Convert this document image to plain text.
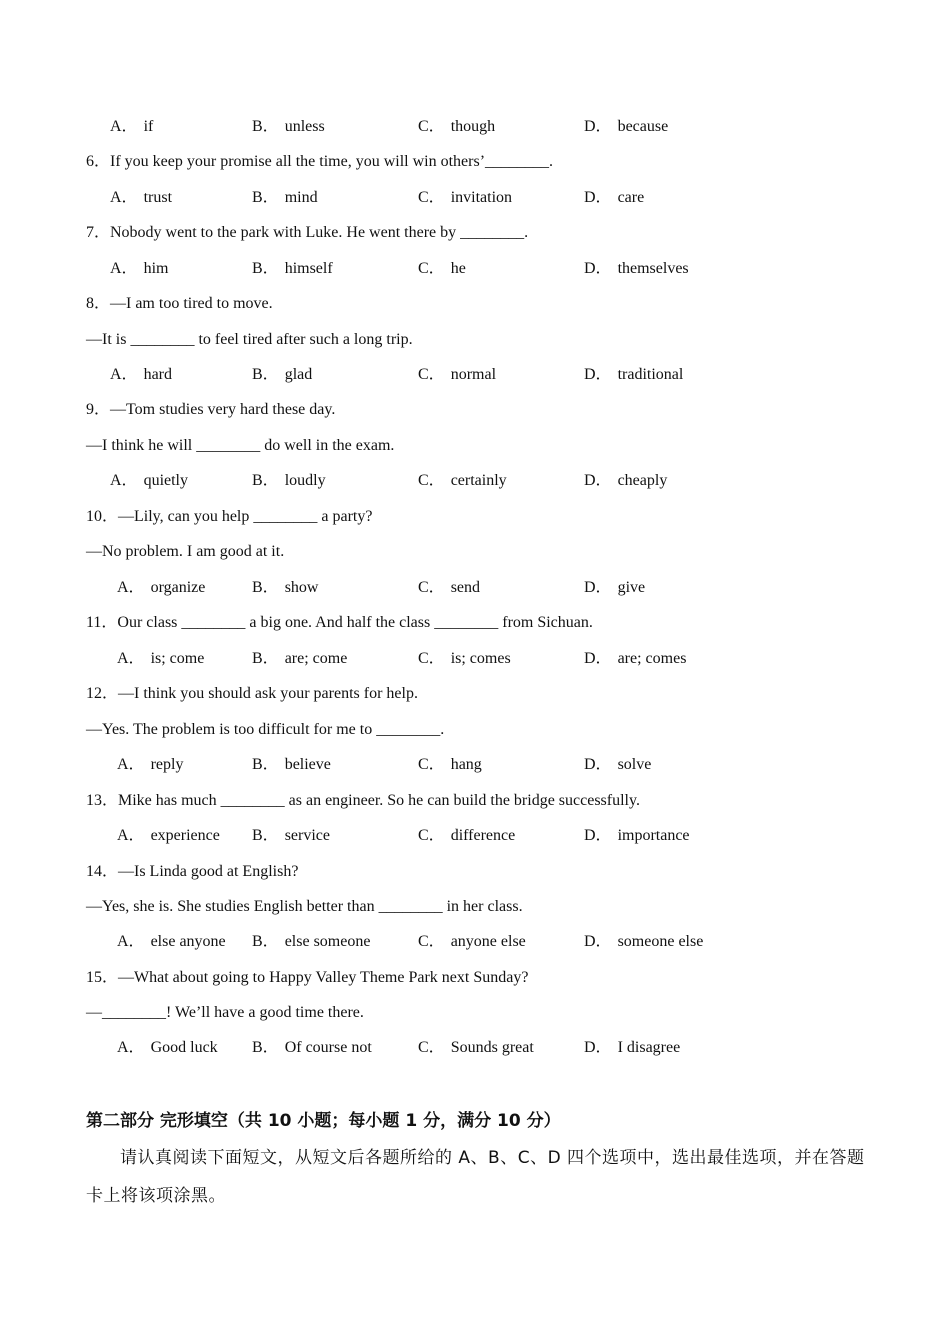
A． if	B． unless	C． though	D． because
6．If you keep your promise all the time, you will win others’________.
A． trust	B． mind	C． invitation	D． care
7．Nobody went to the park with Luke. He went there by ________.
A． him	B． himself	C． he	D． themselves
8．—I am too tired to move.
—It is ________ to feel tired after such a long trip.
A． hard	B． glad	C． normal	D． traditional
9．—Tom studies very hard these day.
—I think he will ________ do well in the exam.
A． quietly	B． loudly	C． certainly	D． cheaply
10．—Lily, can you help ________ a party?
—No problem. I am good at it.
A． organize	B． show	C． send	D． give
11．Our class ________ a big one. And half the class ________ from Sichuan.
A． is; come	B． are; come	C． is; comes	D． are; comes
12．—I think you should ask your parents for help.
—Yes. The problem is too difficult for me to ________.
A． reply	B． believe	C． hang	D． solve
13．Mike has much ________ as an engineer. So he can build the bridge successfully.
A． experience B． service	C． difference	D． importance
14．—Is Linda good at English?
—Yes, she is. She studies English better than ________ in her class.
A． else anyone B． else someone	C． anyone else	D． someone else
15．—What about going to Happy Valley Theme Park next Sunday?
—________! We’ll have a good time there.
A． Good luck B． Of course not	C． Sounds great	D． I disagree
第二部分 完形填空（共 10 小题；每小题 1 分，满分 10 分）
请认真阅读下面短文，从短文后各题所给的 A、B、C、D 四个选项中，选出最佳选项，并在答题卡上将该项涂黑。
